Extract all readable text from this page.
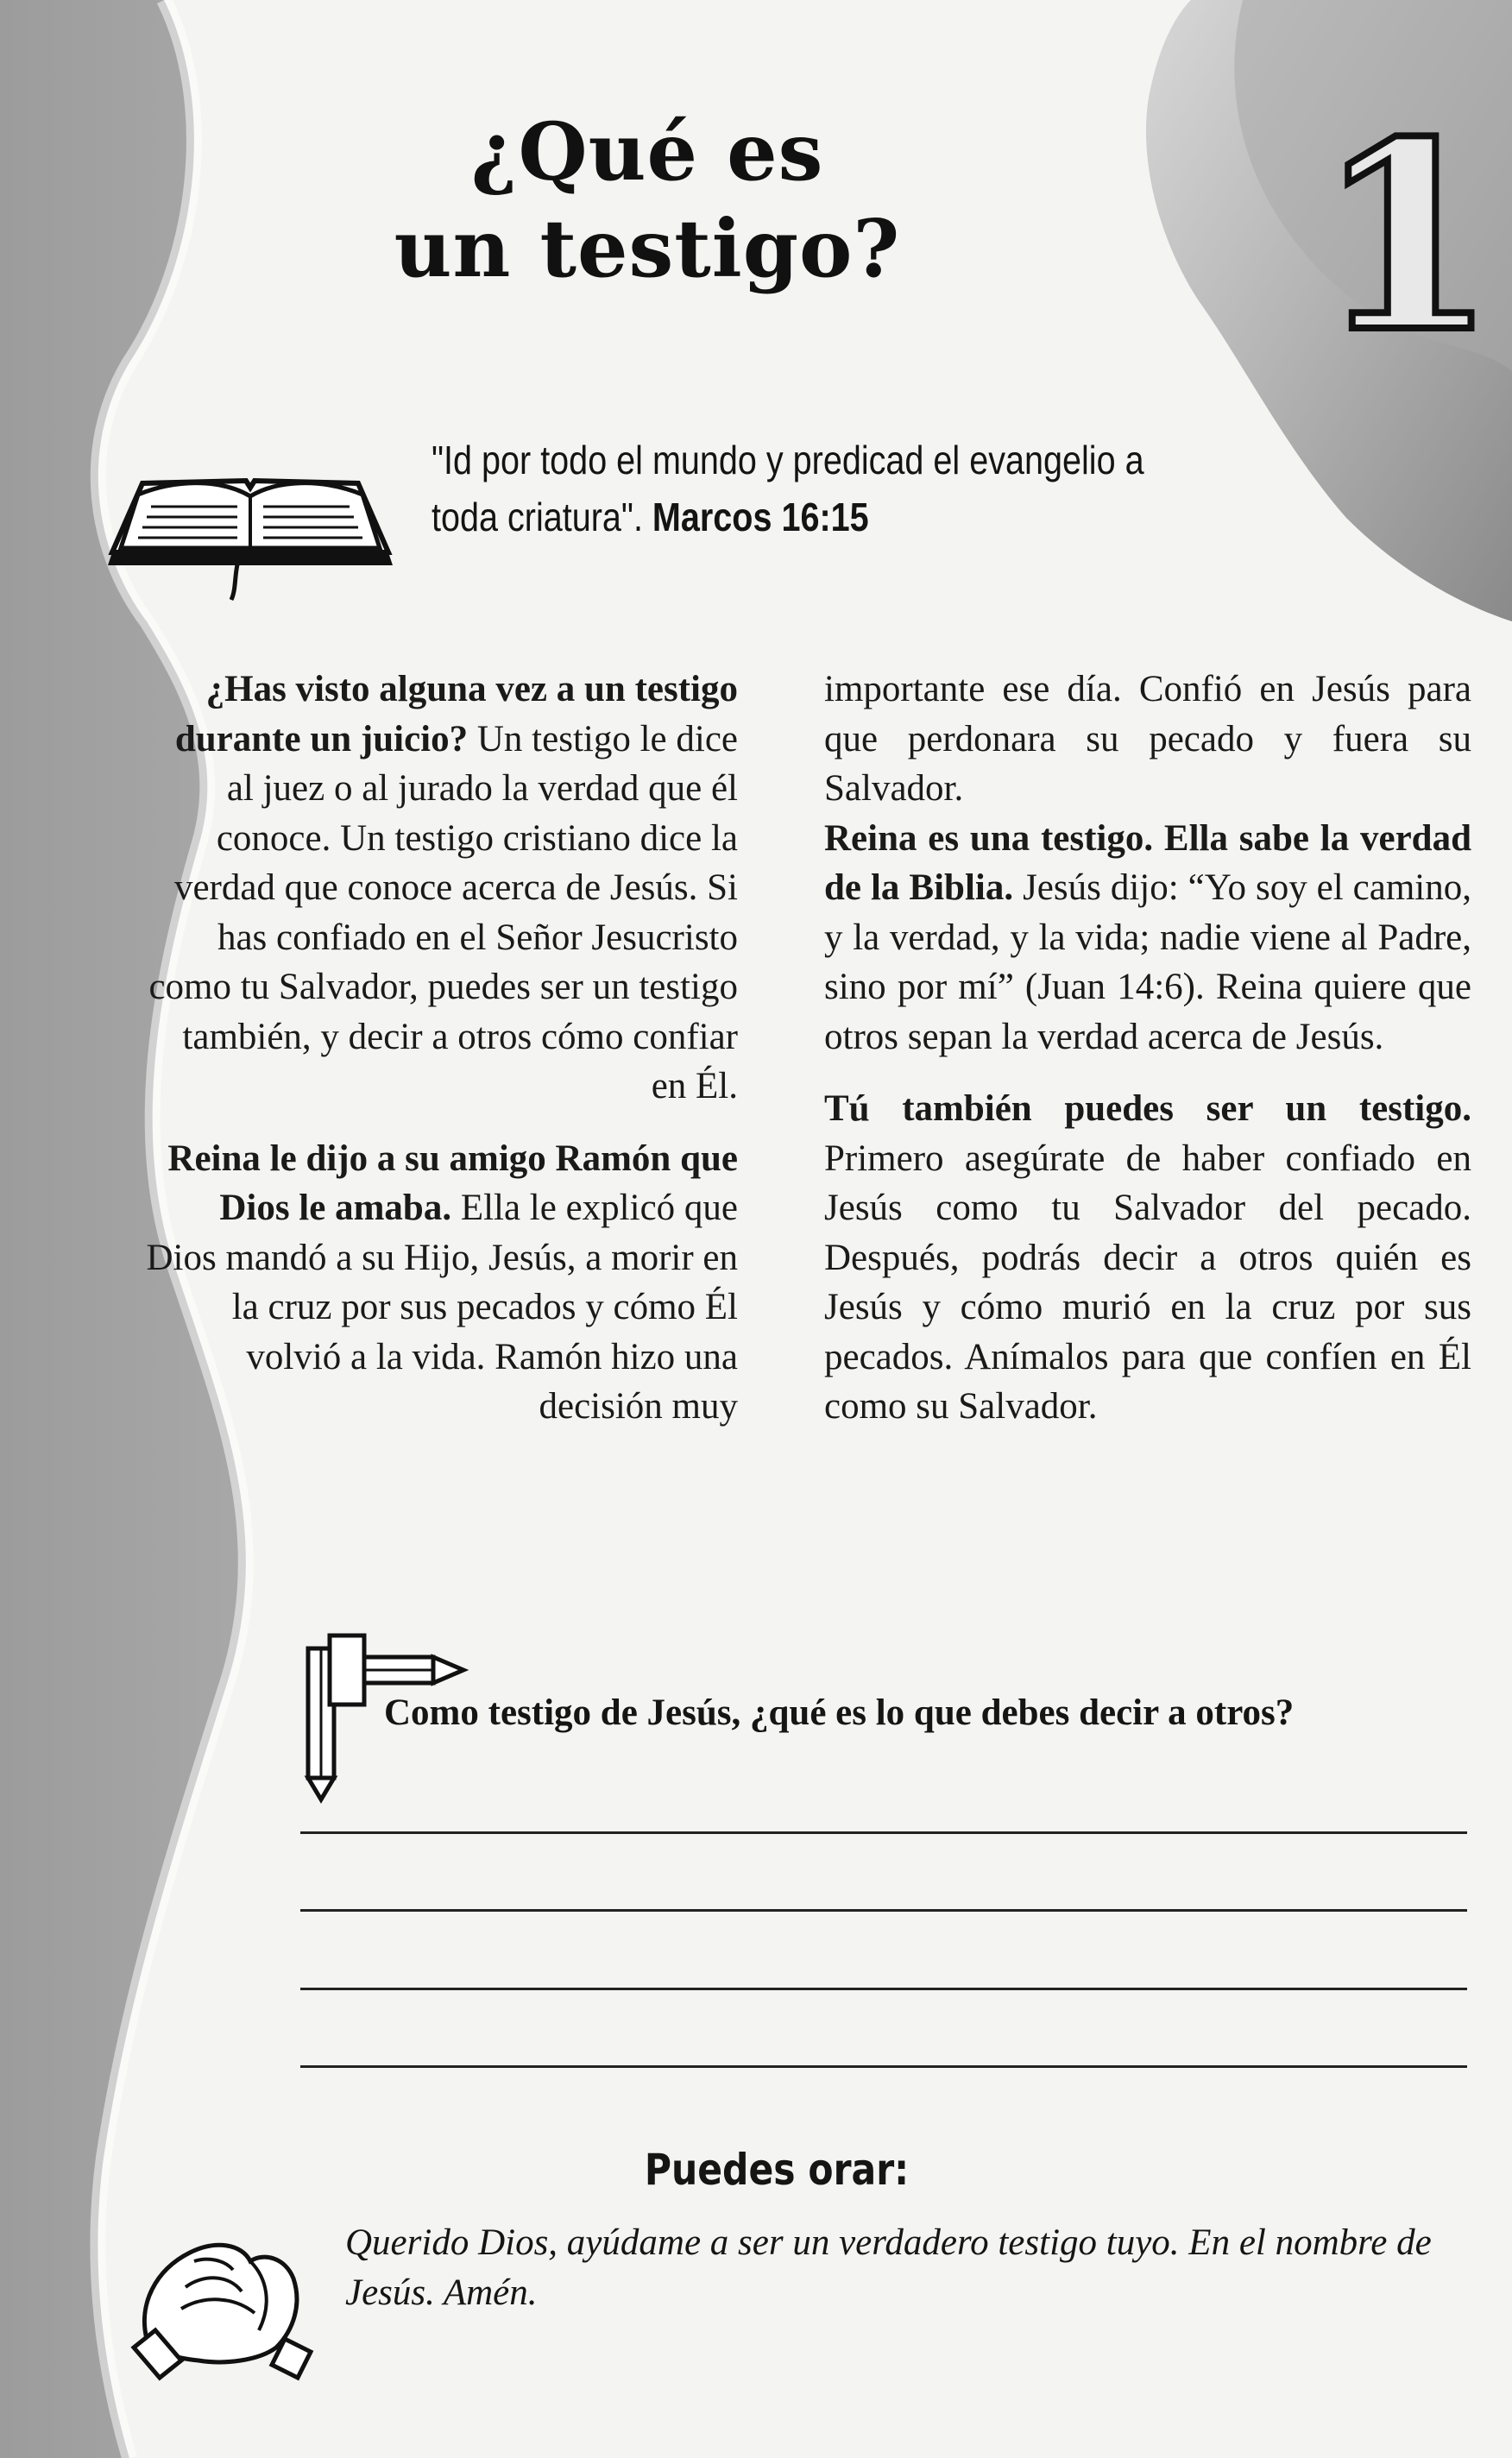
¿Qué es
un testigo?	1
"Id por todo el mundo y predicad el evangelio a toda criatura". Marcos 16:15

¿Has visto alguna vez a un testigo durante un juicio? Un testigo le dice al juez o al jurado la verdad que él conoce. Un testigo cristiano dice la verdad que conoce acerca de Jesús. Si has confiado en el Señor Jesucristo como tu Salvador, puedes ser un testigo también, y decir a otros cómo confiar en Él.

Reina le dijo a su amigo Ramón que Dios le amaba. Ella le explicó que Dios mandó a su Hijo, Jesús, a morir en la cruz por sus pecados y cómo Él volvió a la vida. Ramón hizo una decisión muy

importante ese día. Confió en Jesús para que perdonara su pecado y fuera su Salvador.

Reina es una testigo. Ella sabe la verdad de la Biblia. Jesús dijo: “Yo soy el camino, y la verdad, y la vida; nadie viene al Padre, sino por mí” (Juan 14:6). Reina quiere que otros sepan la verdad acerca de Jesús.

Tú también puedes ser un testigo. Primero asegúrate de haber confiado en Jesús como tu Salvador del pecado. Después, podrás decir a otros quién es Jesús y cómo murió en la cruz por sus pecados. Anímalos para que confíen en Él como su Salvador.

Como testigo de Jesús, ¿qué es lo que debes decir a otros?
Puedes orar:
Querido Dios, ayúdame a ser un verdadero testigo tuyo. En el nombre de Jesús. Amén.
